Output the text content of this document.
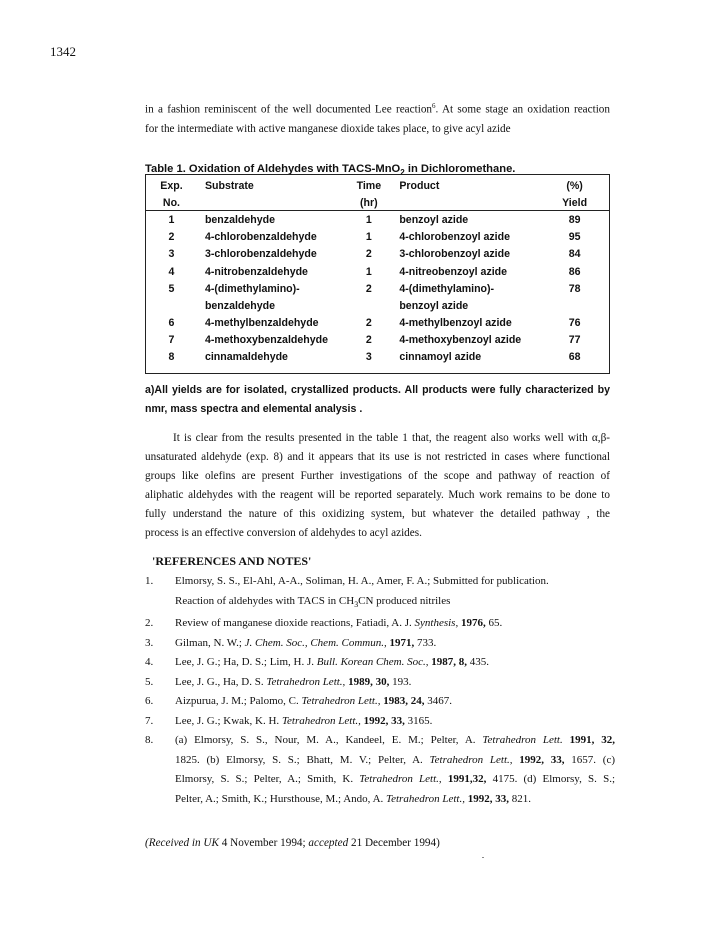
1342

in a fashion reminiscent of the well documented Lee reaction$^6$. At some stage an oxidation reaction

for the intermediate with active manganese dioxide takes place, to give acyl azide

Table 1. Oxidation of Aldehydes with TACS-MnO$_2$ in Dichloromethane.
Exp.	Substrate	Time	Product	(%)
No.		(hr)		Yield
1	benzaldehyde	1	benzoyl azide	89
2	4-chlorobenzaldehyde	1	4-chlorobenzoyl azide	95
3	3-chlorobenzaldehyde	2	3-chlorobenzoyl azide	84
4	4-nitrobenzaldehyde	1	4-nitreobenzoyl azide	86
5	4-(dimethylamino)-	2	4-(dimethylamino)-	78
	benzaldehyde		benzoyl azide	
6	4-methylbenzaldehyde	2	4-methylbenzoyl azide	76
7	4-methoxybenzaldehyde	2	4-methoxybenzoyl azide	77
8	cinnamaldehyde	3	cinnamoyl azide	68
a)All yields are for isolated, crystallized products. All products were fully characterized by
nmr, mass spectra and elemental analysis .

It is clear from the results presented in the table 1 that, the reagent also works well with α,β-

unsaturated aldehyde (exp. 8) and it appears that its use is not restricted in cases where functional

groups like olefins are present Further investigations of the scope and pathway of reaction of

aliphatic aldehydes with the reagent will be reported separately. Much work remains to be done to

fully understand the nature of this oxidizing system, but whatever the detailed pathway , the

process is an effective conversion of aldehydes to acyl azides.

'REFERENCES AND NOTES'
1. Elmorsy, S. S., El-Ahl, A-A., Soliman, H. A., Amer, F. A.; Submitted for publication.
Reaction of aldehydes with TACS in $CH_3CN$ produced nitriles
2. Review of manganese dioxide reactions, Fatiadi, A. J. Synthesis, 1976, 65.
3. Gilman, N. W.; J. Chem. Soc., Chem. Commun., 1971, 733.
4. Lee, J. G.; Ha, D. S.; Lim, H. J. Bull. Korean Chem. Soc., 1987, 8, 435.
5. Lee, J. G., Ha, D. S. Tetrahedron Lett., 1989, 30, 193.
6. Aizpurua, J. M.; Palomo, C. Tetrahedron Lett., 1983, 24, 3467.
7. Lee, J. G.; Kwak, K. H. Tetrahedron Lett., 1992, 33, 3165.
8. (a) Elmorsy, S. S., Nour, M. A., Kandeel, E. M.; Pelter, A. Tetrahedron Lett. 1991, 32,
1825. (b) Elmorsy, S. S.; Bhatt, M. V.; Pelter, A. Tetrahedron Lett., 1992, 33, 1657. (c)
Elmorsy, S. S.; Pelter, A.; Smith, K. Tetrahedron Lett., 1991,32, 4175. (d) Elmorsy, S. S.;
Pelter, A.; Smith, K.; Hursthouse, M.; Ando, A. Tetrahedron Lett., 1992, 33, 821.
(Received in UK 4 November 1994; accepted 21 December 1994)
